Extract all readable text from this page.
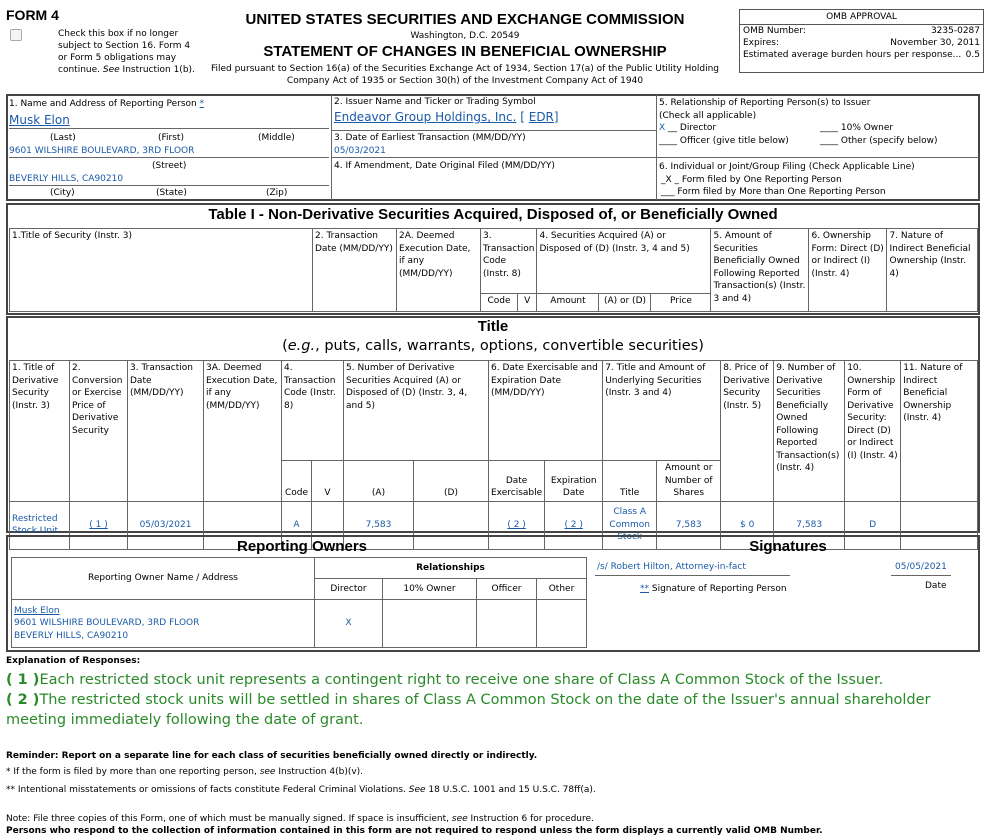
FORM 4
Check this box if no longer subject to Section 16. Form 4 or Form 5 obligations may continue. See Instruction 1(b).
UNITED STATES SECURITIES AND EXCHANGE COMMISSION
Washington, D.C. 20549
STATEMENT OF CHANGES IN BENEFICIAL OWNERSHIP
Filed pursuant to Section 16(a) of the Securities Exchange Act of 1934, Section 17(a) of the Public Utility Holding
Company Act of 1935 or Section 30(h) of the Investment Company Act of 1940
OMB APPROVAL
OMB Number:	3235-0287
Expires:	November 30, 2011
Estimated average burden hours per response... 0.5
1. Name and Address of Reporting Person *
Musk Elon
(Last)	(First)	(Middle)
9601 WILSHIRE BOULEVARD, 3RD FLOOR
(Street)
BEVERLY HILLS, CA90210
(City)	(State)	(Zip)
2. Issuer Name and Ticker or Trading Symbol
Endeavor Group Holdings, Inc. [ EDR]
3. Date of Earliest Transaction (MM/DD/YY)
05/03/2021
4. If Amendment, Date Original Filed (MM/DD/YY)
5. Relationship of Reporting Person(s) to Issuer
(Check all applicable)
X __ Director
____ Officer (give title below)
____ 10% Owner
____ Other (specify below)
6. Individual or Joint/Group Filing (Check Applicable Line)
_X _ Form filed by One Reporting Person
___ Form filed by More than One Reporting Person
Table I - Non-Derivative Securities Acquired, Disposed of, or Beneficially Owned
1.Title of Security (Instr. 3)	2. Transaction Date (MM/DD/YY)	2A. Deemed Execution Date, if any (MM/DD/YY)	3. Transaction Code (Instr. 8)		4. Securities Acquired (A) or Disposed of (D) (Instr. 3, 4 and 5)			5. Amount of Securities Beneficially Owned Following Reported Transaction(s) (Instr. 3 and 4)	6. Ownership Form: Direct (D) or Indirect (I) (Instr. 4)	7. Nature of Indirect Beneficial Ownership (Instr. 4)
			Code	V	Amount	(A) or (D)	Price			
Title
(e.g., puts, calls, warrants, options, convertible securities)
1. Title of Derivative Security (Instr. 3)	2. Conversion or Exercise Price of Derivative Security	3. Transaction Date (MM/DD/YY)	3A. Deemed Execution Date, if any (MM/DD/YY)	4. Transaction Code (Instr. 8)		5. Number of Derivative Securities Acquired (A) or Disposed of (D) (Instr. 3, 4, and 5)		6. Date Exercisable and Expiration Date (MM/DD/YY)		7. Title and Amount of Underlying Securities (Instr. 3 and 4)		8. Price of Derivative Security (Instr. 5)	9. Number of Derivative Securities Beneficially Owned Following Reported Transaction(s) (Instr. 4)	10. Ownership Form of Derivative Security: Direct (D) or Indirect (I) (Instr. 4)	11. Nature of Indirect Beneficial Ownership (Instr. 4)
				Code	V	(A)	(D)	Date Exercisable	Expiration Date	Title	Amount or Number of Shares				
Restricted Stock Unit	( 1 )	05/03/2021		A		7,583		( 2 )	( 2 )	Class A Common Stock	7,583	$ 0	7,583	D	
Reporting Owners
Reporting Owner Name / Address	Relationships			
	Director	10% Owner	Officer	Other
Musk Elon
9601 WILSHIRE BOULEVARD, 3RD FLOOR
BEVERLY HILLS, CA90210	X			
Signatures
/s/ Robert Hilton, Attorney-in-fact	05/05/2021
** Signature of Reporting Person	Date
Explanation of Responses:
( 1 )Each restricted stock unit represents a contingent right to receive one share of Class A Common Stock of the Issuer.
( 2 )The restricted stock units will be settled in shares of Class A Common Stock on the date of the Issuer's annual shareholder meeting immediately following the date of grant.
Reminder: Report on a separate line for each class of securities beneficially owned directly or indirectly.
* If the form is filed by more than one reporting person, see Instruction 4(b)(v).
** Intentional misstatements or omissions of facts constitute Federal Criminal Violations. See 18 U.S.C. 1001 and 15 U.S.C. 78ff(a).
Note: File three copies of this Form, one of which must be manually signed. If space is insufficient, see Instruction 6 for procedure.
Persons who respond to the collection of information contained in this form are not required to respond unless the form displays a currently valid OMB Number.
